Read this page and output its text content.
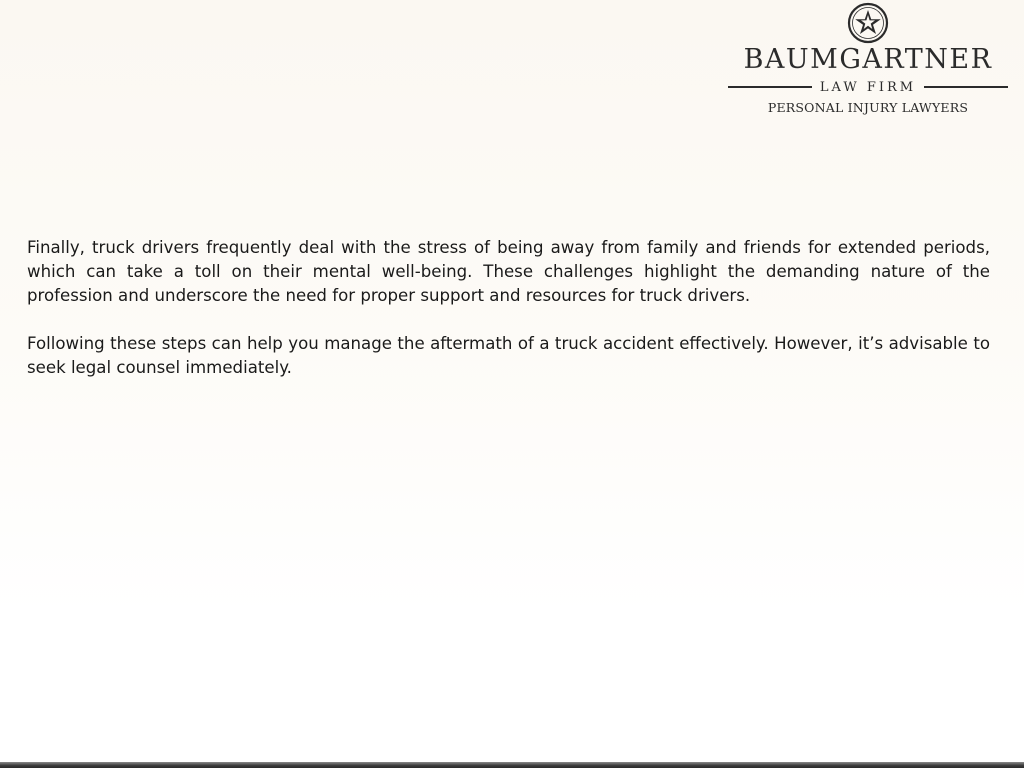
BAUMGARTNER
LAW FIRM
PERSONAL INJURY LAWYERS

Finally, truck drivers frequently deal with the stress of being away from family and friends for extended periods, which can take a toll on their mental well-being. These challenges highlight the demanding nature of the profession and underscore the need for proper support and resources for truck drivers.

Following these steps can help you manage the aftermath of a truck accident effectively. However, it’s advisable to seek legal counsel immediately.
